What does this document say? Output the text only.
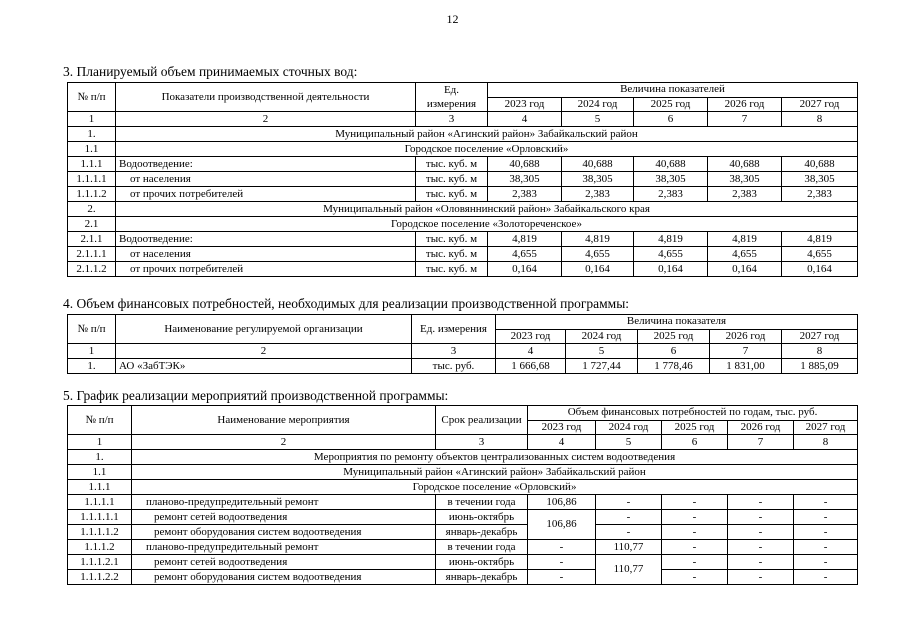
12
3. Планируемый объем принимаемых сточных вод:
№ п/п	Показатели производственной деятельности	Ед. измерения	Величина показателей				
			2023 год	2024 год	2025 год	2026 год	2027 год
1	2	3	4	5	6	7	8
1.	Муниципальный район «Агинский район» Забайкальский район						
1.1	Городское поселение «Орловский»						
1.1.1	Водоотведение:	тыс. куб. м	40,688	40,688	40,688	40,688	40,688
1.1.1.1	от населения	тыс. куб. м	38,305	38,305	38,305	38,305	38,305
1.1.1.2	от прочих потребителей	тыс. куб. м	2,383	2,383	2,383	2,383	2,383
2.	Муниципальный район «Оловяннинский район» Забайкальского края						
2.1	Городское поселение «Золотореченское»						
2.1.1	Водоотведение:	тыс. куб. м	4,819	4,819	4,819	4,819	4,819
2.1.1.1	от населения	тыс. куб. м	4,655	4,655	4,655	4,655	4,655
2.1.1.2	от прочих потребителей	тыс. куб. м	0,164	0,164	0,164	0,164	0,164
4. Объем финансовых потребностей, необходимых для реализации производственной программы:
№ п/п	Наименование регулируемой организации	Ед. измерения	Величина показателя				
			2023 год	2024 год	2025 год	2026 год	2027 год
1	2	3	4	5	6	7	8
1.	АО «ЗабТЭК»	тыс. руб.	1 666,68	1 727,44	1 778,46	1 831,00	1 885,09
5. График реализации мероприятий производственной программы:
№ п/п	Наименование мероприятия	Срок реализации	Объем финансовых потребностей по годам, тыс. руб.				
			2023 год	2024 год	2025 год	2026 год	2027 год
1	2	3	4	5	6	7	8
1.	Мероприятия по ремонту объектов централизованных систем водоотведения						
1.1	Муниципальный район «Агинский район» Забайкальский район						
1.1.1	Городское поселение «Орловский»						
1.1.1.1	планово-предупредительный ремонт	в течении года	106,86	-	-	-	-
1.1.1.1.1	ремонт сетей водоотведения	июнь-октябрь	106,86	-	-	-	-
1.1.1.1.2	ремонт оборудования систем водоотведения	январь-декабрь		-	-	-	-
1.1.1.2	планово-предупредительный ремонт	в течении года	-	110,77	-	-	-
1.1.1.2.1	ремонт сетей водоотведения	июнь-октябрь	-	110,77	-	-	-
1.1.1.2.2	ремонт оборудования систем водоотведения	январь-декабрь	-		-	-	-
